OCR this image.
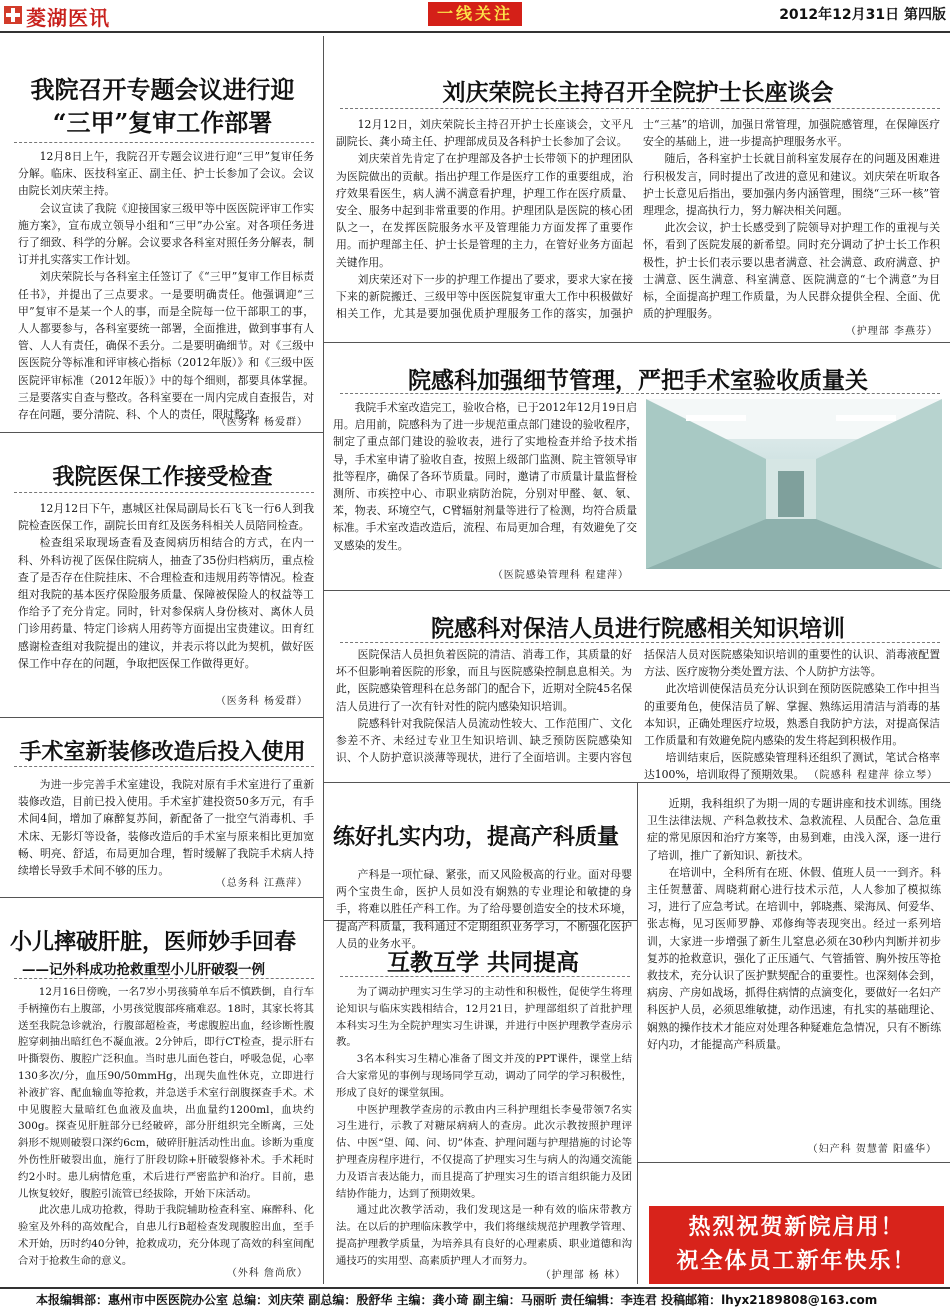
菱湖医讯	一线关注	2012年12月31日 第四版
我院召开专题会议进行迎
“三甲”复审工作部署

12月8日上午，我院召开专题会议进行迎“三甲”复审任务分解。临床、医技科室正、副主任、护士长参加了会议。会议由院长刘庆荣主持。

会议宣读了我院《迎接国家三级甲等中医医院评审工作实施方案》，宣布成立领导小组和“三甲”办公室。对各项任务进行了细致、科学的分解。会议要求各科室对照任务分解表，制订并扎实落实工作计划。

刘庆荣院长与各科室主任签订了《“三甲”复审工作目标责任书》，并提出了三点要求。一是要明确责任。他强调迎“三甲”复审不是某一个人的事，而是全院每一位干部职工的事，人人都要参与，各科室要统一部署，全面推进，做到事事有人管、人人有责任，确保不丢分。二是要明确细节。对《三级中医医院分等标准和评审核心指标（2012年版）》和《三级中医医院评审标准（2012年版）》中的每个细则，都要具体掌握。三是要落实自查与整改。各科室要在一周内完成自查报告，对存在问题，要分清院、科、个人的责任，限时整改。

（医务科 杨爱群）
刘庆荣院长主持召开全院护士长座谈会

12月12日，刘庆荣院长主持召开护士长座谈会，文平凡副院长、龚小琦主任、护理部成员及各科护士长参加了会议。

刘庆荣首先肯定了在护理部及各护士长带领下的护理团队为医院做出的贡献。指出护理工作是医疗工作的重要组成，治疗效果看医生，病人满不满意看护理，护理工作在医疗质量、安全、服务中起到非常重要的作用。护理团队是医院的核心团队之一，在发挥医院服务水平及管理能力方面发挥了重要作用。而护理部主任、护士长是管理的主力，在管好业务方面起关键作用。

刘庆荣还对下一步的护理工作提出了要求，要求大家在接下来的新院搬迁、三级甲等中医医院复审重大工作中积极做好相关工作，尤其是要加强优质护理服务工作的落实，加强护士“三基”的培训，加强日常管理，加强院感管理，在保障医疗安全的基础上，进一步提高护理服务水平。

随后，各科室护士长就目前科室发展存在的问题及困难进行积极发言，同时提出了改进的意见和建议。刘庆荣在听取各护士长意见后指出，要加强内务内涵管理，围绕“三环一核”管理理念，提高执行力，努力解决相关问题。

此次会议，护士长感受到了院领导对护理工作的重视与关怀，看到了医院发展的新希望。同时充分调动了护士长工作积极性，护士长们表示要以患者满意、社会满意、政府满意、护士满意、医生满意、科室满意、医院满意的“七个满意”为目标，全面提高护理工作质量，为人民群众提供全程、全面、优质的护理服务。

（护理部 李燕芬）
院感科加强细节管理，严把手术室验收质量关

我院手术室改造完工，验收合格，已于2012年12月19日启用。启用前，院感科为了进一步规范重点部门建设的验收程序，制定了重点部门建设的验收表，进行了实地检查并给予技术指导，手术室申请了验收自查，按照上级部门监测、院主管领导审批等程序，确保了各环节质量。同时，邀请了市质量计量监督检测所、市疾控中心、市职业病防治院，分别对甲醛、氨、氡、苯，物表、环境空气，C臂辐射剂量等进行了检测，均符合质量标准。手术室改造改造后，流程、布局更加合理，有效避免了交叉感染的发生。

（医院感染管理科 程建萍）
我院医保工作接受检查

12月12日下午，惠城区社保局副局长石飞飞一行6人到我院检查医保工作，副院长田育红及医务科相关人员陪同检查。

检查组采取现场查看及查阅病历相结合的方式，在内一科、外科访视了医保住院病人，抽查了35份归档病历，重点检查了是否存在住院挂床、不合理检查和违规用药等情况。检查组对我院的基本医疗保险服务质量、保障被保险人的权益等工作给予了充分肯定。同时，针对参保病人身份核对、离休人员门诊用药量、特定门诊病人用药等方面提出宝贵建议。田育红感谢检查组对我院提出的建议，并表示将以此为契机，做好医保工作中存在的问题，争取把医保工作做得更好。

（医务科 杨爱群）
院感科对保洁人员进行院感相关知识培训

医院保洁人员担负着医院的清洁、消毒工作，其质量的好坏不但影响着医院的形象，而且与医院感染控制息息相关。为此，医院感染管理科在总务部门的配合下，近期对全院45名保洁人员进行了一次有针对性的院内感染知识培训。

院感科针对我院保洁人员流动性较大、工作范围广、文化参差不齐、未经过专业卫生知识培训、缺乏预防医院感染知识、个人防护意识淡薄等现状，进行了全面培训。主要内容包括保洁人员对医院感染知识培训的重要性的认识、消毒液配置方法、医疗废物分类处置方法、个人防护方法等。

此次培训使保洁员充分认识到在预防医院感染工作中担当的重要角色，使保洁员了解、掌握、熟练运用清洁与消毒的基本知识，正确处理医疗垃圾，熟悉自我防护方法，对提高保洁工作质量和有效避免院内感染的发生将起到积极作用。

培训结束后，医院感染管理科还组织了测试，笔试合格率达100%，培训取得了预期效果。 （院感科 程建萍 徐立琴）
手术室新装修改造后投入使用

为进一步完善手术室建设，我院对原有手术室进行了重新装修改造，目前已投入使用。手术室扩建投资50多万元，有手术间4间，增加了麻醉复苏间，新配备了一批空气消毒机、手术床、无影灯等设备，装修改造后的手术室与原来相比更加宽畅、明亮、舒适，布局更加合理，暂时缓解了我院手术病人持续增长导致手术间不够的压力。

（总务科 江燕萍）
练好扎实内功，提高产科质量

产科是一项忙碌、紧张，而又风险极高的行业。面对母婴两个宝贵生命，医护人员如没有娴熟的专业理论和敏捷的身手，将难以胜任产科工作。为了给母婴创造安全的技术环境，提高产科质量，我科通过不定期组织业务学习，不断强化医护人员的业务水平。

近期，我科组织了为期一周的专题讲座和技术训练。围绕卫生法律法规、产科急救技术、急救流程、人员配合、急危重症的常见原因和治疗方案等，由易到难，由浅入深，逐一进行了培训，推广了新知识、新技术。

在培训中，全科所有在班、休假、值班人员一一到齐。科主任贺慧蕾、周晓莉耐心进行技术示范，人人参加了模拟练习，进行了应急考试。在培训中，郭晓燕、梁海凤、何爱华、张志梅，见习医师罗静、邓修绚等表现突出。经过一系列培训，大家进一步增强了新生儿窒息必须在30秒内判断并初步复苏的抢救意识，强化了正压通气、气管插管、胸外按压等抢救技术，充分认识了医护默契配合的重要性。也深刻体会到，病房、产房如战场，抓得住病情的点滴变化，要做好一名妇产科医护人员，必须思维敏捷，动作迅速，有扎实的基础理论、娴熟的操作技术才能应对处理各种疑难危急情况，只有不断练好内功，才能提高产科质量。

（妇产科 贺慧蕾 阳盛华）
小儿摔破肝脏，医师妙手回春
——记外科成功抢救重型小儿肝破裂一例

12月16日傍晚，一名7岁小男孩骑单车后不慎跌倒，自行车手柄撞伤右上腹部，小男孩觉腹部疼痛难忍。18时，其家长将其送至我院急诊就治，行腹部超检查，考虑腹腔出血，经诊断性腹腔穿刺抽出暗红色不凝血液。2分钟后，即行CT检查，提示肝右叶撕裂伤、腹腔广泛积血。当时患儿面色苍白，呼吸急促，心率130多次/分，血压90/50mmHg，出现失血性休克，立即进行补液扩容、配血输血等抢救，并急送手术室行剖腹探查手术。术中见腹腔大量暗红色血液及血块，出血量约1200ml，血块约300g。探查见肝脏部分已经破碎，部分肝组织完全断离，三处斜形不规则破裂口深约6cm，破碎肝脏活动性出血。诊断为重度外伤性肝破裂出血，施行了肝段切除+肝破裂修补术。手术耗时约2小时。患儿病情危重，术后进行严密监护和治疗。目前，患儿恢复较好，腹腔引流管已经拔除，开始下床活动。

此次患儿成功抢救，得助于我院辅助检查科室、麻醉科、化验室及外科的高效配合，自患儿行B超检查发现腹腔出血，至手术开始，历时约40分钟，抢救成功，充分体现了高效的科室间配合对于抢救生命的意义。

（外科 詹尚欣）
互教互学 共同提高

为了调动护理实习生学习的主动性和积极性，促使学生将理论知识与临床实践相结合，12月21日，护理部组织了首批护理本科实习生为全院护理实习生讲课，并进行中医护理教学查房示教。

3名本科实习生精心准备了图文并茂的PPT课件，课堂上结合大家常见的事例与现场同学互动，调动了同学的学习积极性，形成了良好的课堂氛围。

中医护理教学查房的示教由内三科护理组长李曼带领7名实习生进行，示教了对糖尿病病人的查房。此次示教按照护理评估、中医“望、闻、问、切”体查、护理问题与护理措施的讨论等护理查房程序进行，不仅提高了护理实习生与病人的沟通交流能力及语言表达能力，而且提高了护理实习生的语言组织能力及团结协作能力，达到了预期效果。

通过此次教学活动，我们发现这是一种有效的临床带教方法。在以后的护理临床教学中，我们将继续规范护理教学管理、提高护理教学质量，为培养具有良好的心理素质、职业道德和沟通技巧的实用型、高素质护理人才而努力。

（护理部 杨 林）
热烈祝贺新院启用！
祝全体员工新年快乐！
本报编辑部：惠州市中医医院办公室 总编：刘庆荣 副总编：殷舒华 主编：龚小琦 副主编：马丽昕 责任编辑：李连君 投稿邮箱：lhyx2189808@163.com
